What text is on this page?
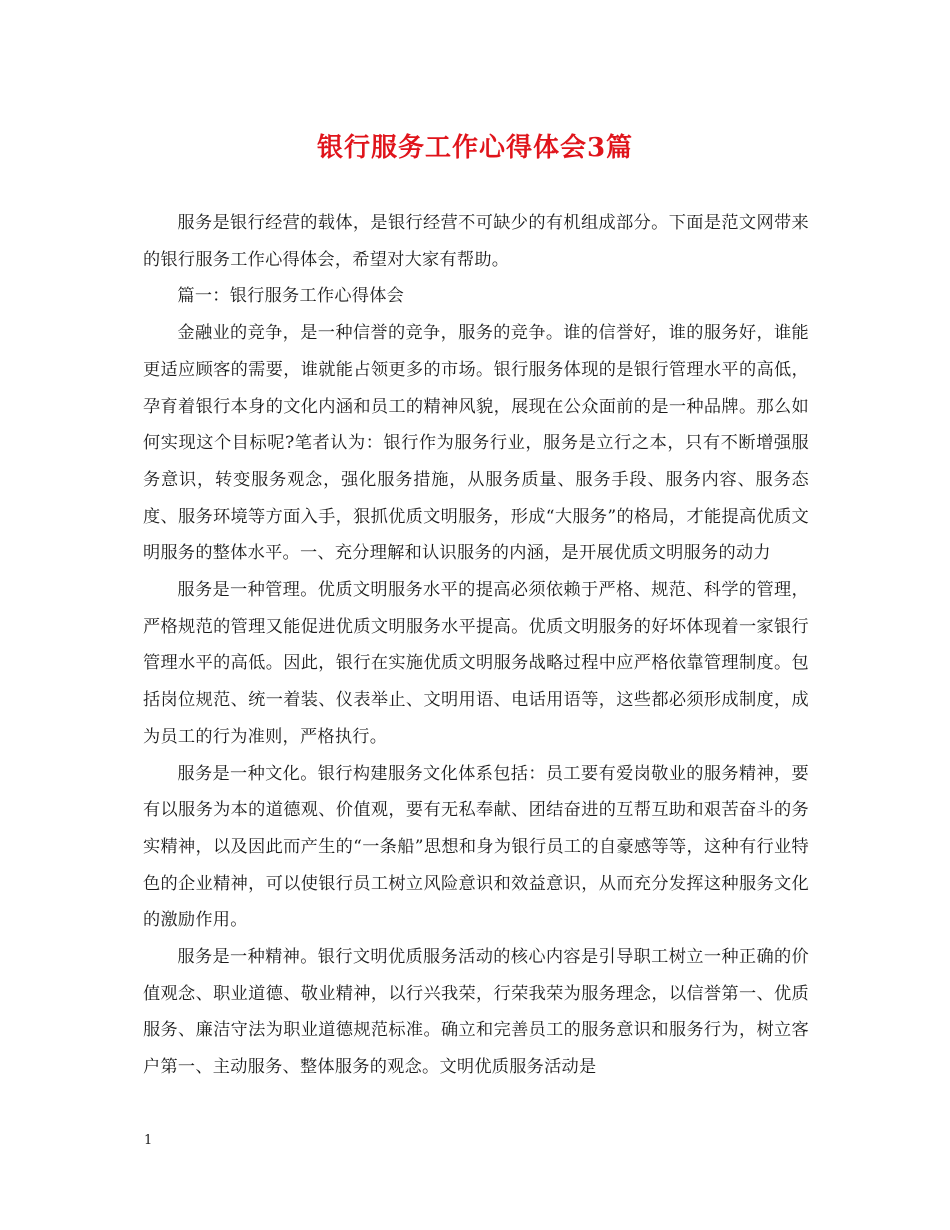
银行服务工作心得体会3篇

服务是银行经营的载体，是银行经营不可缺少的有机组成部分。下面是范文网带来的银行服务工作心得体会，希望对大家有帮助。

篇一：银行服务工作心得体会

金融业的竞争，是一种信誉的竞争，服务的竞争。谁的信誉好，谁的服务好，谁能更适应顾客的需要，谁就能占领更多的市场。银行服务体现的是银行管理水平的高低，孕育着银行本身的文化内涵和员工的精神风貌，展现在公众面前的是一种品牌。那么如何实现这个目标呢?笔者认为：银行作为服务行业，服务是立行之本，只有不断增强服务意识，转变服务观念，强化服务措施，从服务质量、服务手段、服务内容、服务态度、服务环境等方面入手，狠抓优质文明服务，形成“大服务”的格局，才能提高优质文明服务的整体水平。一、充分理解和认识服务的内涵，是开展优质文明服务的动力

服务是一种管理。优质文明服务水平的提高必须依赖于严格、规范、科学的管理，严格规范的管理又能促进优质文明服务水平提高。优质文明服务的好坏体现着一家银行管理水平的高低。因此，银行在实施优质文明服务战略过程中应严格依靠管理制度。包括岗位规范、统一着装、仪表举止、文明用语、电话用语等，这些都必须形成制度，成为员工的行为准则，严格执行。

服务是一种文化。银行构建服务文化体系包括：员工要有爱岗敬业的服务精神，要有以服务为本的道德观、价值观，要有无私奉献、团结奋进的互帮互助和艰苦奋斗的务实精神，以及因此而产生的“一条船”思想和身为银行员工的自豪感等等，这种有行业特色的企业精神，可以使银行员工树立风险意识和效益意识，从而充分发挥这种服务文化的激励作用。

服务是一种精神。银行文明优质服务活动的核心内容是引导职工树立一种正确的价值观念、职业道德、敬业精神，以行兴我荣，行荣我荣为服务理念，以信誉第一、优质服务、廉洁守法为职业道德规范标准。确立和完善员工的服务意识和服务行为，树立客户第一、主动服务、整体服务的观念。文明优质服务活动是

1
